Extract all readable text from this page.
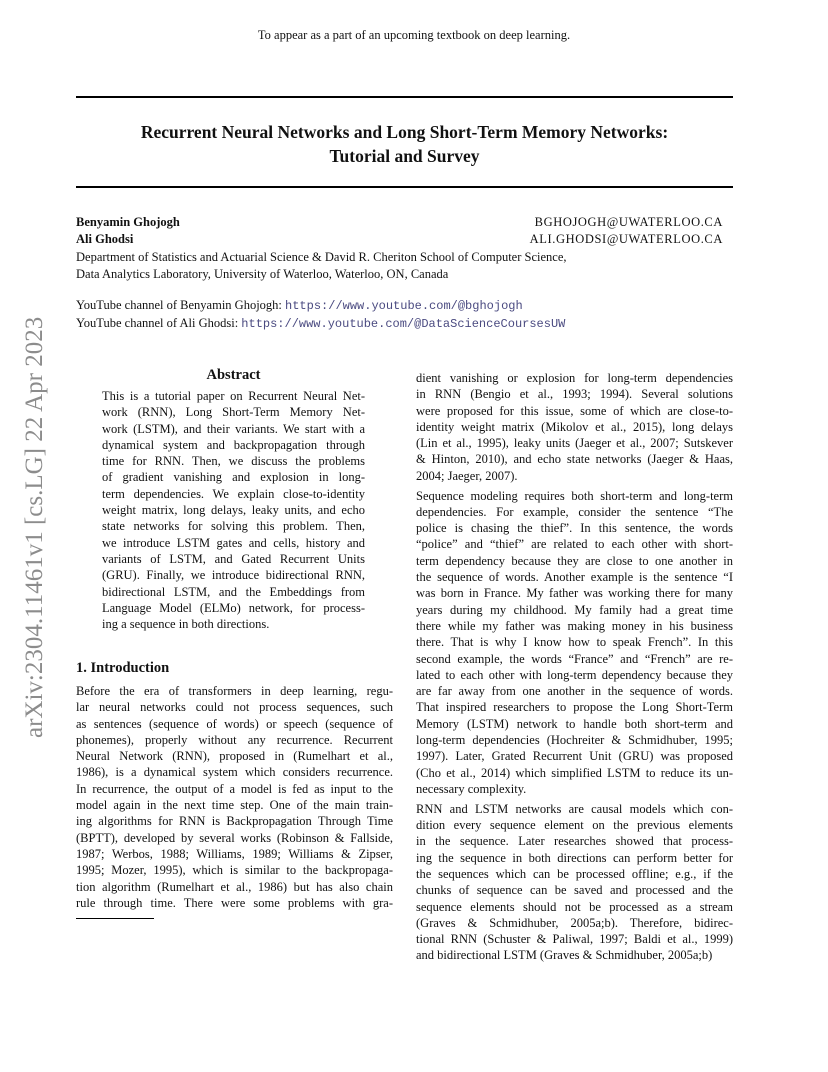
To appear as a part of an upcoming textbook on deep learning.
Recurrent Neural Networks and Long Short-Term Memory Networks:
Tutorial and Survey
Benyamin Ghojogh	BGHOJOGH@UWATERLOO.CA
Ali Ghodsi	ALI.GHODSI@UWATERLOO.CA
Department of Statistics and Actuarial Science & David R. Cheriton School of Computer Science,
Data Analytics Laboratory, University of Waterloo, Waterloo, ON, Canada
YouTube channel of Benyamin Ghojogh: https://www.youtube.com/@bghojogh
YouTube channel of Ali Ghodsi: https://www.youtube.com/@DataScienceCoursesUW
arXiv:2304.11461v1 [cs.LG] 22 Apr 2023	Abstract
This is a tutorial paper on Recurrent Neural Net-
work (RNN), Long Short-Term Memory Net-
work (LSTM), and their variants. We start with a
dynamical system and backpropagation through
time for RNN. Then, we discuss the problems
of gradient vanishing and explosion in long-
term dependencies. We explain close-to-identity
weight matrix, long delays, leaky units, and echo
state networks for solving this problem. Then,
we introduce LSTM gates and cells, history and
variants of LSTM, and Gated Recurrent Units
(GRU). Finally, we introduce bidirectional RNN,
bidirectional LSTM, and the Embeddings from
Language Model (ELMo) network, for process-
ing a sequence in both directions.
1. Introduction
Before the era of transformers in deep learning, regu-
lar neural networks could not process sequences, such
as sentences (sequence of words) or speech (sequence of
phonemes), properly without any recurrence. Recurrent
Neural Network (RNN), proposed in (Rumelhart et al.,
1986), is a dynamical system which considers recurrence.
In recurrence, the output of a model is fed as input to the
model again in the next time step. One of the main train-
ing algorithms for RNN is Backpropagation Through Time
(BPTT), developed by several works (Robinson & Fallside,
1987; Werbos, 1988; Williams, 1989; Williams & Zipser,
1995; Mozer, 1995), which is similar to the backpropaga-
tion algorithm (Rumelhart et al., 1986) but has also chain
rule through time. There were some problems with gra-
dient vanishing or explosion for long-term dependencies
in RNN (Bengio et al., 1993; 1994). Several solutions
were proposed for this issue, some of which are close-to-
identity weight matrix (Mikolov et al., 2015), long delays
(Lin et al., 1995), leaky units (Jaeger et al., 2007; Sutskever
& Hinton, 2010), and echo state networks (Jaeger & Haas,
2004; Jaeger, 2007).
Sequence modeling requires both short-term and long-term
dependencies. For example, consider the sentence “The
police is chasing the thief”. In this sentence, the words
“police” and “thief” are related to each other with short-
term dependency because they are close to one another in
the sequence of words. Another example is the sentence “I
was born in France. My father was working there for many
years during my childhood. My family had a great time
there while my father was making money in his business
there. That is why I know how to speak French”. In this
second example, the words “France” and “French” are re-
lated to each other with long-term dependency because they
are far away from one another in the sequence of words.
That inspired researchers to propose the Long Short-Term
Memory (LSTM) network to handle both short-term and
long-term dependencies (Hochreiter & Schmidhuber, 1995;
1997). Later, Grated Recurrent Unit (GRU) was proposed
(Cho et al., 2014) which simplified LSTM to reduce its un-
necessary complexity.
RNN and LSTM networks are causal models which con-
dition every sequence element on the previous elements
in the sequence. Later researches showed that process-
ing the sequence in both directions can perform better for
the sequences which can be processed offline; e.g., if the
chunks of sequence can be saved and processed and the
sequence elements should not be processed as a stream
(Graves & Schmidhuber, 2005a;b). Therefore, bidirec-
tional RNN (Schuster & Paliwal, 1997; Baldi et al., 1999)
and bidirectional LSTM (Graves & Schmidhuber, 2005a;b)
